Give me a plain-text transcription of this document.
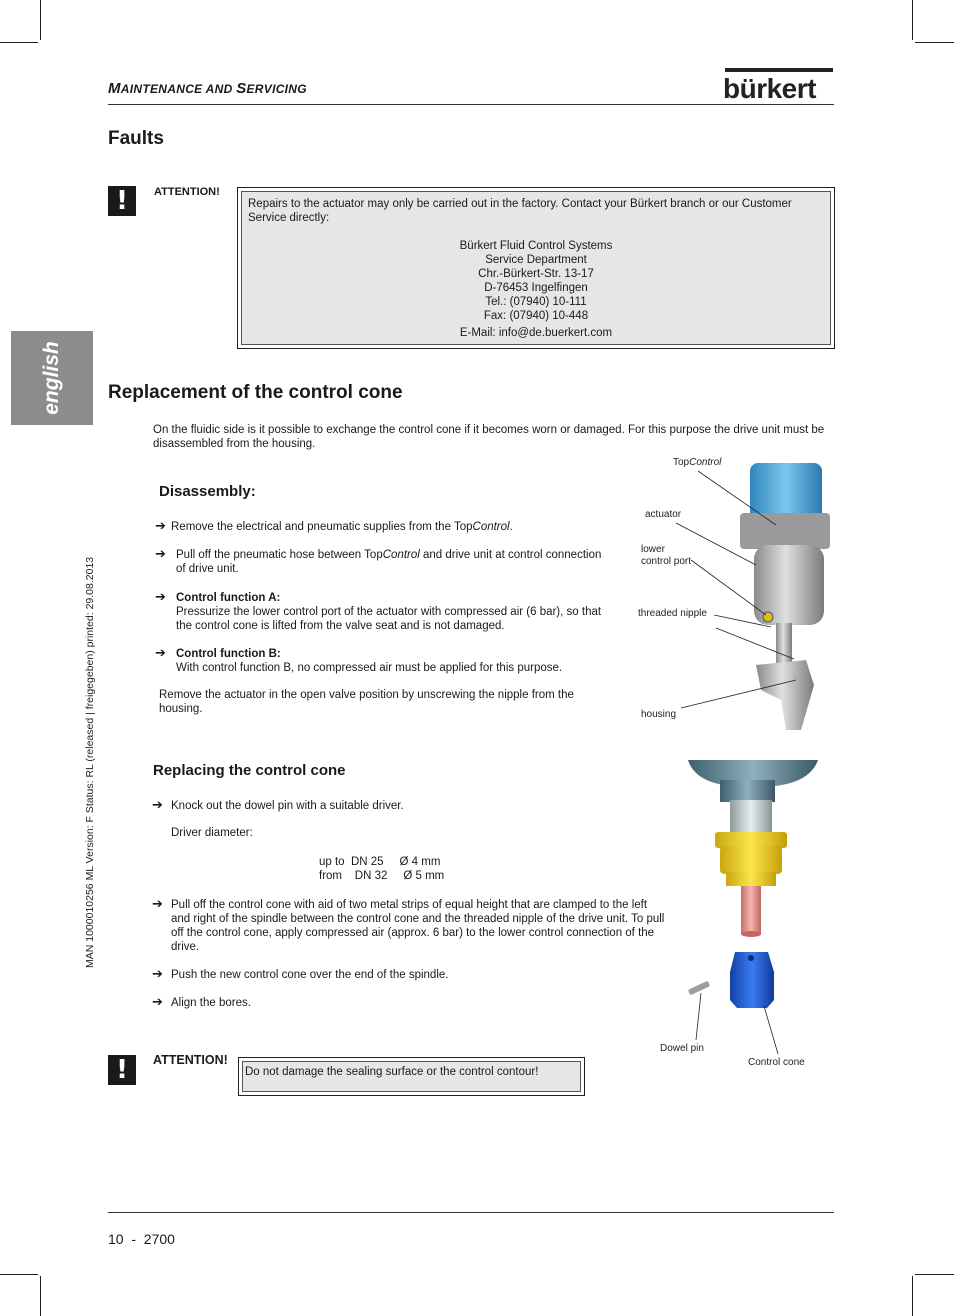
MAINTENANCE AND SERVICING	bürkert
english
MAN 1000010256 ML Version: F Status: RL (released | freigegeben) printed: 29.08.2013
Faults
!	ATTENTION!
Repairs to the actuator may only be carried out in the factory. Contact your Bürkert branch or our Customer Service directly:
Bürkert Fluid Control Systems
Service Department
Chr.-Bürkert-Str. 13-17
D-76453 Ingelfingen
Tel.: (07940) 10-111
Fax: (07940) 10-448
E-Mail: info@de.buerkert.com
Replacement of the control cone
On the fluidic side is it possible to exchange the control cone if it becomes worn or damaged. For this purpose the drive unit must be disassembled from the housing.
Disassembly:
➔ Remove the electrical and pneumatic supplies from the TopControl.
➔ Pull off the pneumatic hose between TopControl and drive unit at control connection of drive unit.
➔ Control function A:
Pressurize the lower control port of the actuator with compressed air (6 bar), so that the control cone is lifted from the valve seat and is not damaged.
➔ Control function B:
With control function B, no compressed air must be applied for this purpose.
Remove the actuator in the open valve position by unscrewing the nipple from the housing.
TopControl
actuator
lower
control port
threaded nipple
housing
Replacing the control cone
➔ Knock out the dowel pin with a suitable driver.
Driver diameter:
up to  DN 25     Ø 4 mm
from    DN 32     Ø 5 mm
➔ Pull off the control cone with aid of two metal strips of equal height that are clamped to the left and right of the spindle between the control cone and the threaded nipple of the drive unit. To pull off the control cone, apply compressed air (approx. 6 bar) to the lower control connection of the drive.
➔ Push the new control cone over the end of the spindle.
➔ Align the bores.
!	ATTENTION!
Do not damage the sealing surface or the control contour!
Dowel pin
Control cone
10  -  2700
